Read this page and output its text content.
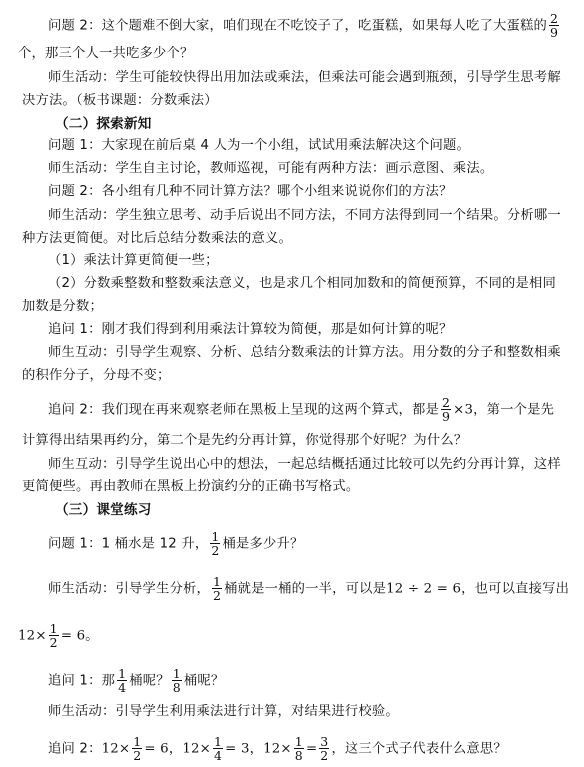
问题 2：这个题难不倒大家，咱们现在不吃饺子了，吃蛋糕，如果每人吃了大蛋糕的 $\frac{2}{9}$
个，那三个人一共吃多少个？
师生活动：学生可能较快得出用加法或乘法，但乘法可能会遇到瓶颈，引导学生思考解
决方法。（板书课题：分数乘法）
（二）探索新知
问题 1：大家现在前后桌 4 人为一个小组，试试用乘法解决这个问题。
师生活动：学生自主讨论，教师巡视，可能有两种方法：画示意图、乘法。
问题 2：各小组有几种不同计算方法？哪个小组来说说你们的方法？
师生活动：学生独立思考、动手后说出不同方法，不同方法得到同一个结果。分析哪一
种方法更简便。对比后总结分数乘法的意义。
（1）乘法计算更简便一些；
（2）分数乘整数和整数乘法意义，也是求几个相同加数和的简便预算，不同的是相同
加数是分数；
追问 1：刚才我们得到利用乘法计算较为简便，那是如何计算的呢？
师生互动：引导学生观察、分析、总结分数乘法的计算方法。用分数的分子和整数相乘
的积作分子，分母不变；
追问 2：我们现在再来观察老师在黑板上呈现的这两个算式，都是 $\frac{2}{9} \times 3$，第一个是先
计算得出结果再约分，第二个是先约分再计算，你觉得那个好呢？为什么？
师生互动：引导学生说出心中的想法，一起总结概括通过比较可以先约分再计算，这样
更简便些。再由教师在黑板上扮演约分的正确书写格式。
（三）课堂练习
问题 1：1 桶水是 12 升， $\frac{1}{2}$ 桶是多少升？
师生活动：引导学生分析， $\frac{1}{2}$ 桶就是一桶的一半，可以是12 ÷ 2 = 6，也可以直接写出
$12\times \frac{1}{2} = 6$。
追问 1：那 $\frac{1}{4}$ 桶呢？ $\frac{1}{8}$ 桶呢？
师生活动：引导学生利用乘法进行计算，对结果进行校验。
追问 2：$12\times \frac{1}{2} = 6$，$12\times \frac{1}{4} = 3$，$12\times \frac{1}{8} = \frac{3}{2}$ ，这三个式子代表什么意思？
